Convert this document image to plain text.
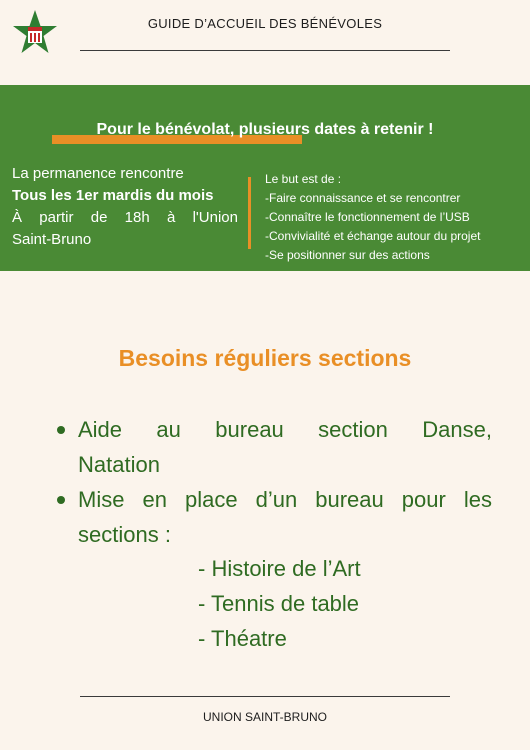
GUIDE D’ACCUEIL DES BÉNÉVOLES
Pour le bénévolat, plusieurs dates à retenir !
La permanence rencontre
Tous les 1er mardis du mois
À partir de 18h à l'Union
Saint-Bruno
Le but est de :
-Faire connaissance et se rencontrer
-Connaître le fonctionnement de l’USB
-Convivialité et échange autour du projet
-Se positionner sur des actions
Besoins réguliers sections
Aide au bureau section Danse,
Natation
Mise en place d’un bureau pour les
sections :
- Histoire de l’Art
- Tennis de table
- Théatre
UNION SAINT-BRUNO
